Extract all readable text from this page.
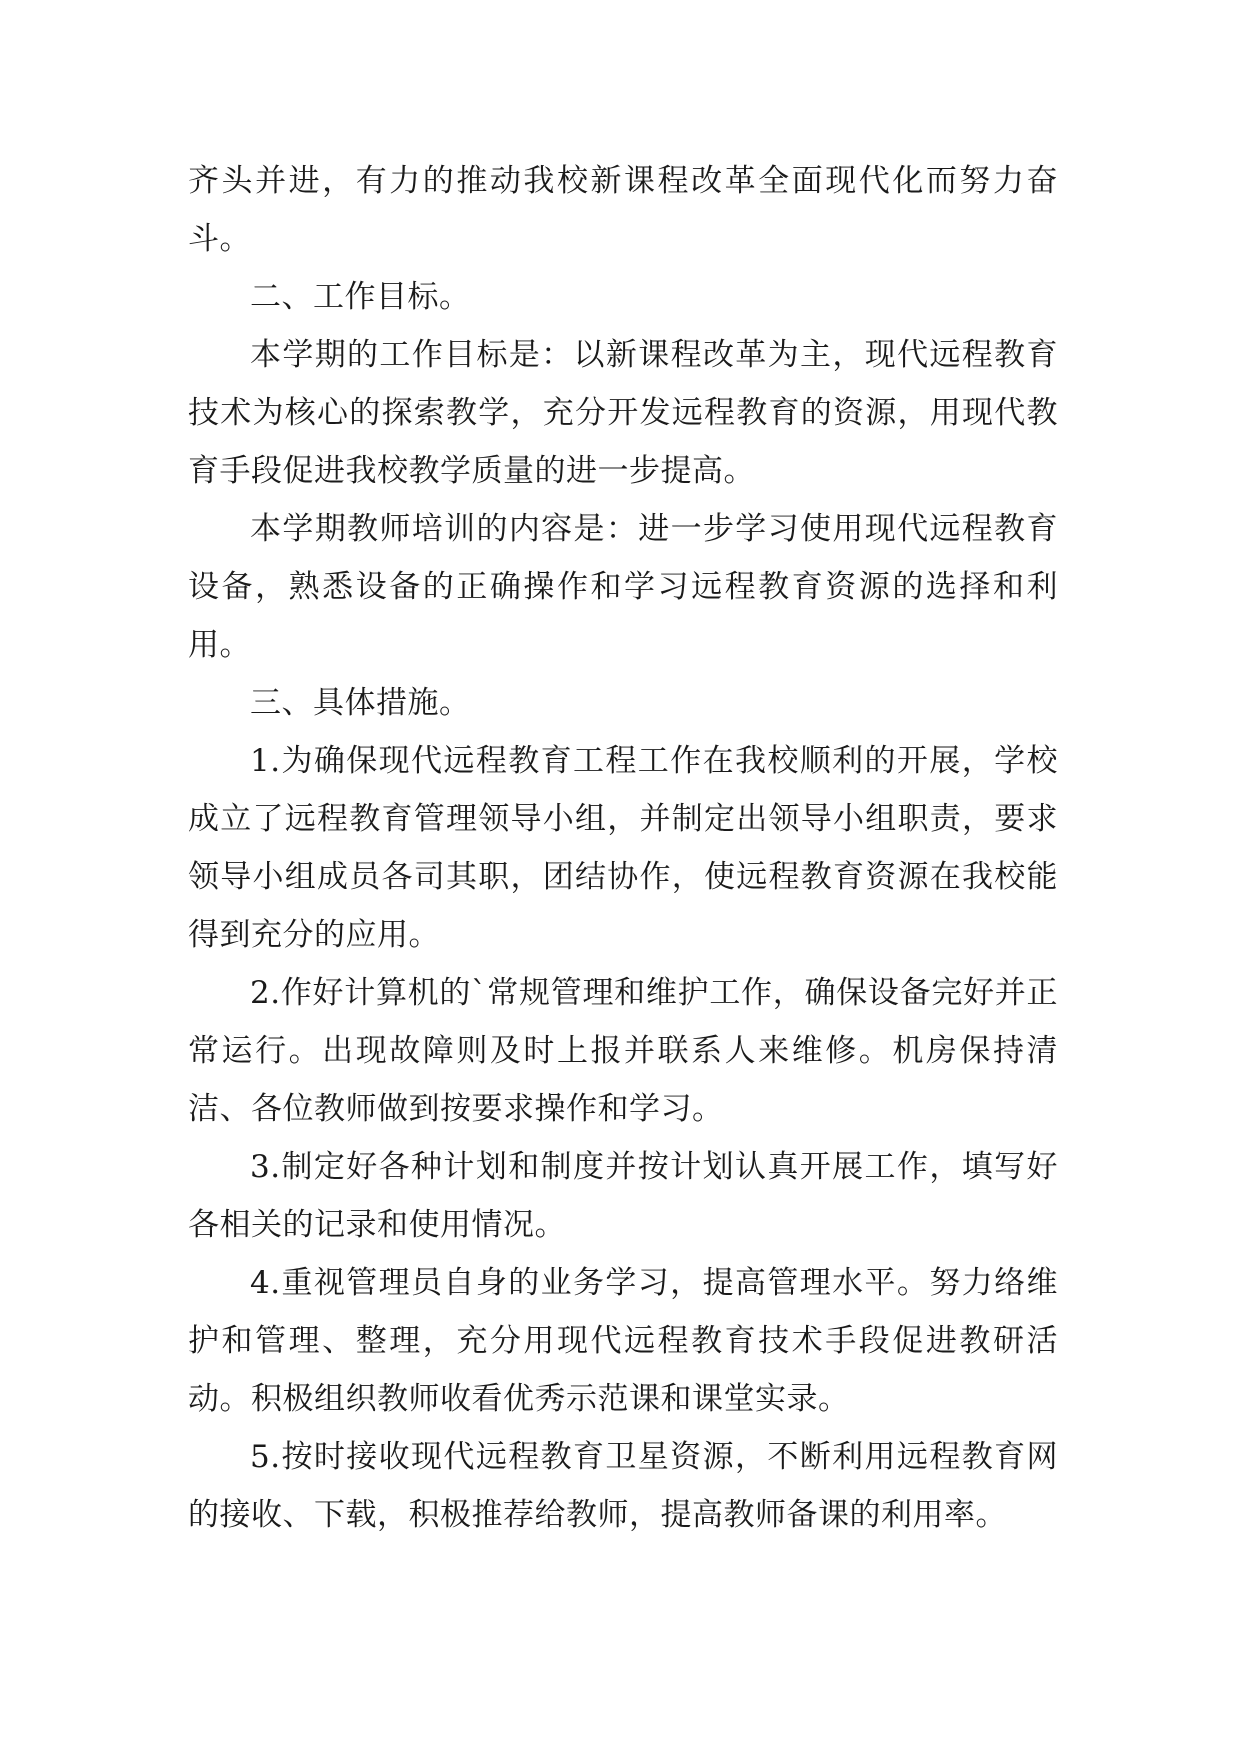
齐头并进，有力的推动我校新课程改革全面现代化而努力奋斗。

二、工作目标。

本学期的工作目标是：以新课程改革为主，现代远程教育技术为核心的探索教学，充分开发远程教育的资源，用现代教育手段促进我校教学质量的进一步提高。

本学期教师培训的内容是：进一步学习使用现代远程教育设备，熟悉设备的正确操作和学习远程教育资源的选择和利用。

三、具体措施。

1.为确保现代远程教育工程工作在我校顺利的开展，学校成立了远程教育管理领导小组，并制定出领导小组职责，要求领导小组成员各司其职，团结协作，使远程教育资源在我校能得到充分的应用。

2.作好计算机的`常规管理和维护工作，确保设备完好并正常运行。出现故障则及时上报并联系人来维修。机房保持清洁、各位教师做到按要求操作和学习。

3.制定好各种计划和制度并按计划认真开展工作，填写好各相关的记录和使用情况。

4.重视管理员自身的业务学习，提高管理水平。努力络维护和管理、整理，充分用现代远程教育技术手段促进教研活动。积极组织教师收看优秀示范课和课堂实录。

5.按时接收现代远程教育卫星资源，不断利用远程教育网的接收、下载，积极推荐给教师，提高教师备课的利用率。
